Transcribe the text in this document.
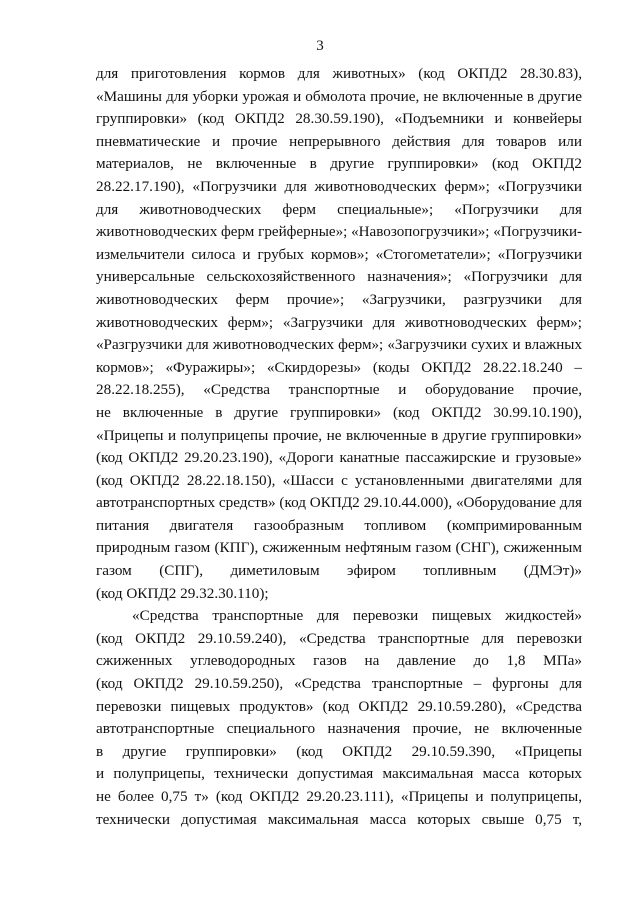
3
для приготовления кормов для животных» (код ОКПД2 28.30.83),
«Машины для уборки урожая и обмолота прочие, не включенные в другие
группировки» (код ОКПД2 28.30.59.190), «Подъемники и конвейеры
пневматические и прочие непрерывного действия для товаров или
материалов, не включенные в другие группировки» (код ОКПД2
28.22.17.190), «Погрузчики для животноводческих ферм»; «Погрузчики
для животноводческих ферм специальные»; «Погрузчики для
животноводческих ферм грейферные»; «Навозопогрузчики»; «Погрузчики-
измельчители силоса и грубых кормов»; «Стогометатели»; «Погрузчики
универсальные сельскохозяйственного назначения»; «Погрузчики для
животноводческих ферм прочие»; «Загрузчики, разгрузчики для
животноводческих ферм»; «Загрузчики для животноводческих ферм»;
«Разгрузчики для животноводческих ферм»; «Загрузчики сухих и влажных
кормов»; «Фуражиры»; «Скирдорезы» (коды ОКПД2 28.22.18.240 –
28.22.18.255), «Средства транспортные и оборудование прочие,
не включенные в другие группировки» (код ОКПД2 30.99.10.190),
«Прицепы и полуприцепы прочие, не включенные в другие группировки»
(код ОКПД2 29.20.23.190), «Дороги канатные пассажирские и грузовые»
(код ОКПД2 28.22.18.150), «Шасси с установленными двигателями для
автотранспортных средств» (код ОКПД2 29.10.44.000), «Оборудование для
питания двигателя газообразным топливом (компримированным
природным газом (КПГ), сжиженным нефтяным газом (СНГ), сжиженным
газом (СПГ), диметиловым эфиром топливным (ДМЭт)»
(код ОКПД2 29.32.30.110);
«Средства транспортные для перевозки пищевых жидкостей»
(код ОКПД2 29.10.59.240), «Средства транспортные для перевозки
сжиженных углеводородных газов на давление до 1,8 МПа»
(код ОКПД2 29.10.59.250), «Средства транспортные – фургоны для
перевозки пищевых продуктов» (код ОКПД2 29.10.59.280), «Средства
автотранспортные специального назначения прочие, не включенные
в другие группировки» (код ОКПД2 29.10.59.390, «Прицепы
и полуприцепы, технически допустимая максимальная масса которых
не более 0,75 т» (код ОКПД2 29.20.23.111), «Прицепы и полуприцепы,
технически допустимая максимальная масса которых свыше 0,75 т,
